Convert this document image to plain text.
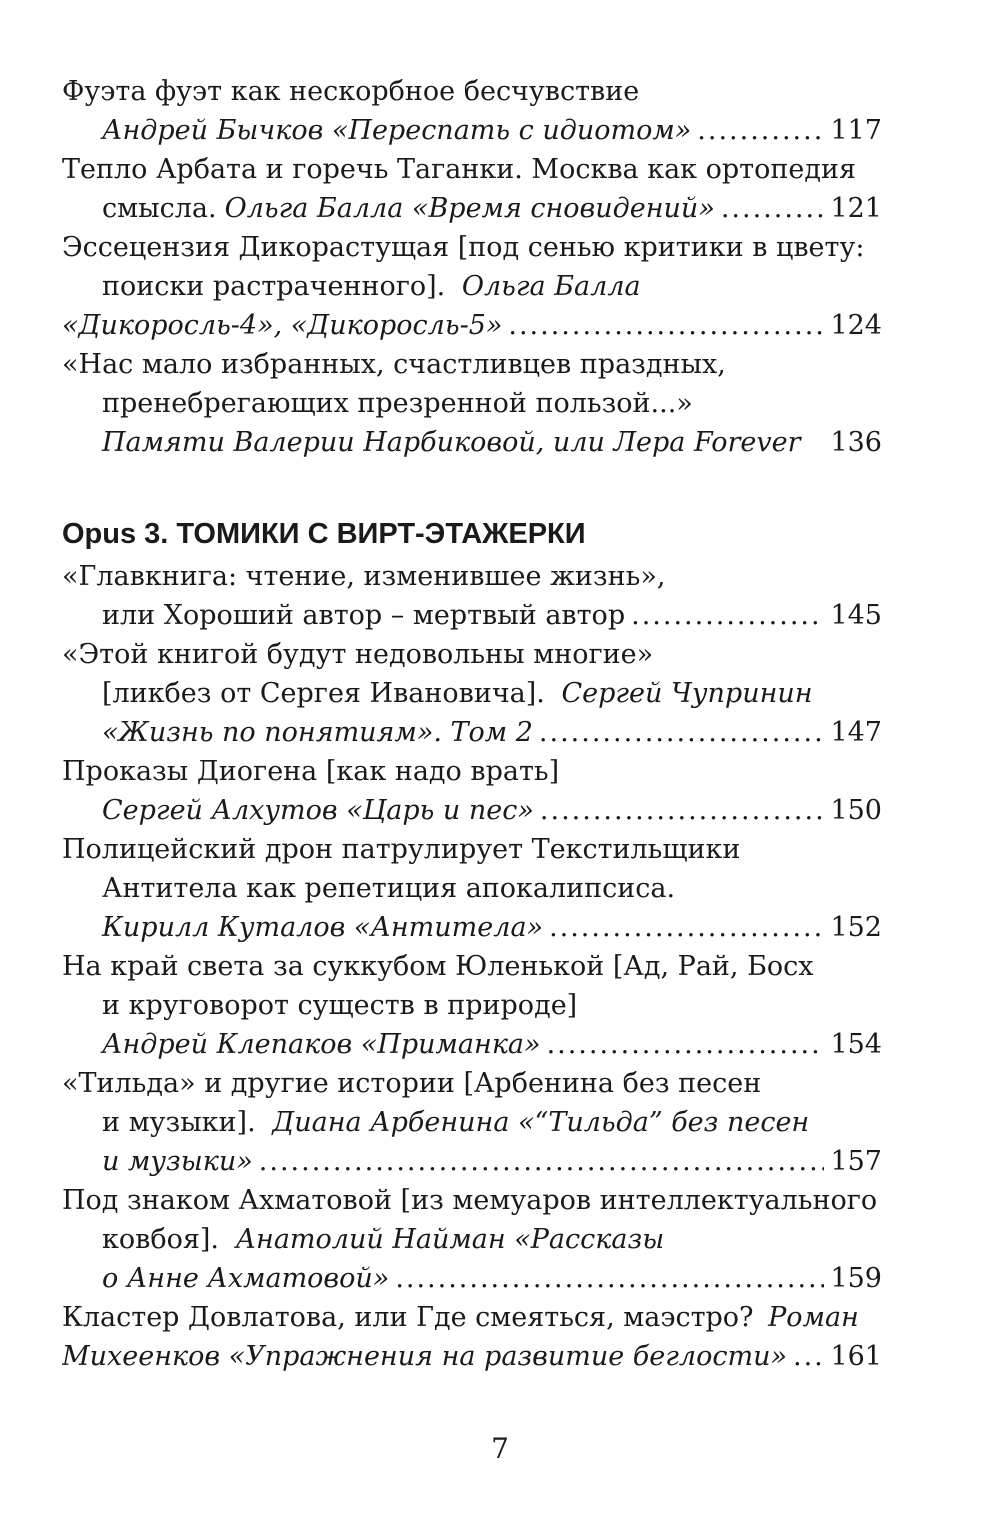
Фуэта фуэт как нескорбное бесчувствие
Андрей Бычков «Переспать с идиотом» .....	117
Тепло Арбата и горечь Таганки. Москва как ортопедия
смысла. Ольга Балла «Время сновидений» .....	121
Эссецензия Дикорастущая [под сенью критики в цвету:
поиски растраченного]. Ольга Балла
«Дикоросль-4», «Дикоросль-5» .....	124
«Нас мало избранных, счастливцев праздных,
пренебрегающих презренной пользой...»
Памяти Валерии Нарбиковой, или Лера Forever 136
Opus 3. ТОМИКИ С ВИРТ-ЭТАЖЕРКИ
«Главкнига: чтение, изменившее жизнь»,
или Хороший автор – мертвый автор .....	145
«Этой книгой будут недовольны многие»
[ликбез от Сергея Ивановича]. Сергей Чупринин
«Жизнь по понятиям». Том 2 .....	147
Проказы Диогена [как надо врать]
Сергей Алхутов «Царь и пес» .....	150
Полицейский дрон патрулирует Текстильщики
Антитела как репетиция апокалипсиса.
Кирилл Куталов «Антитела» .....	152
На край света за суккубом Юленькой [Ад, Рай, Босх
и круговорот существ в природе]
Андрей Клепаков «Приманка» .....	154
«Тильда» и другие истории [Арбенина без песен
и музыки]. Диана Арбенина «“Тильда” без песен
и музыки» .....	157
Под знаком Ахматовой [из мемуаров интеллектуального
ковбоя]. Анатолий Найман «Рассказы
о Анне Ахматовой» .....	159
Кластер Довлатова, или Где смеяться, маэстро? Роман
Михеенков «Упражнения на развитие беглости» ..... 161
7
